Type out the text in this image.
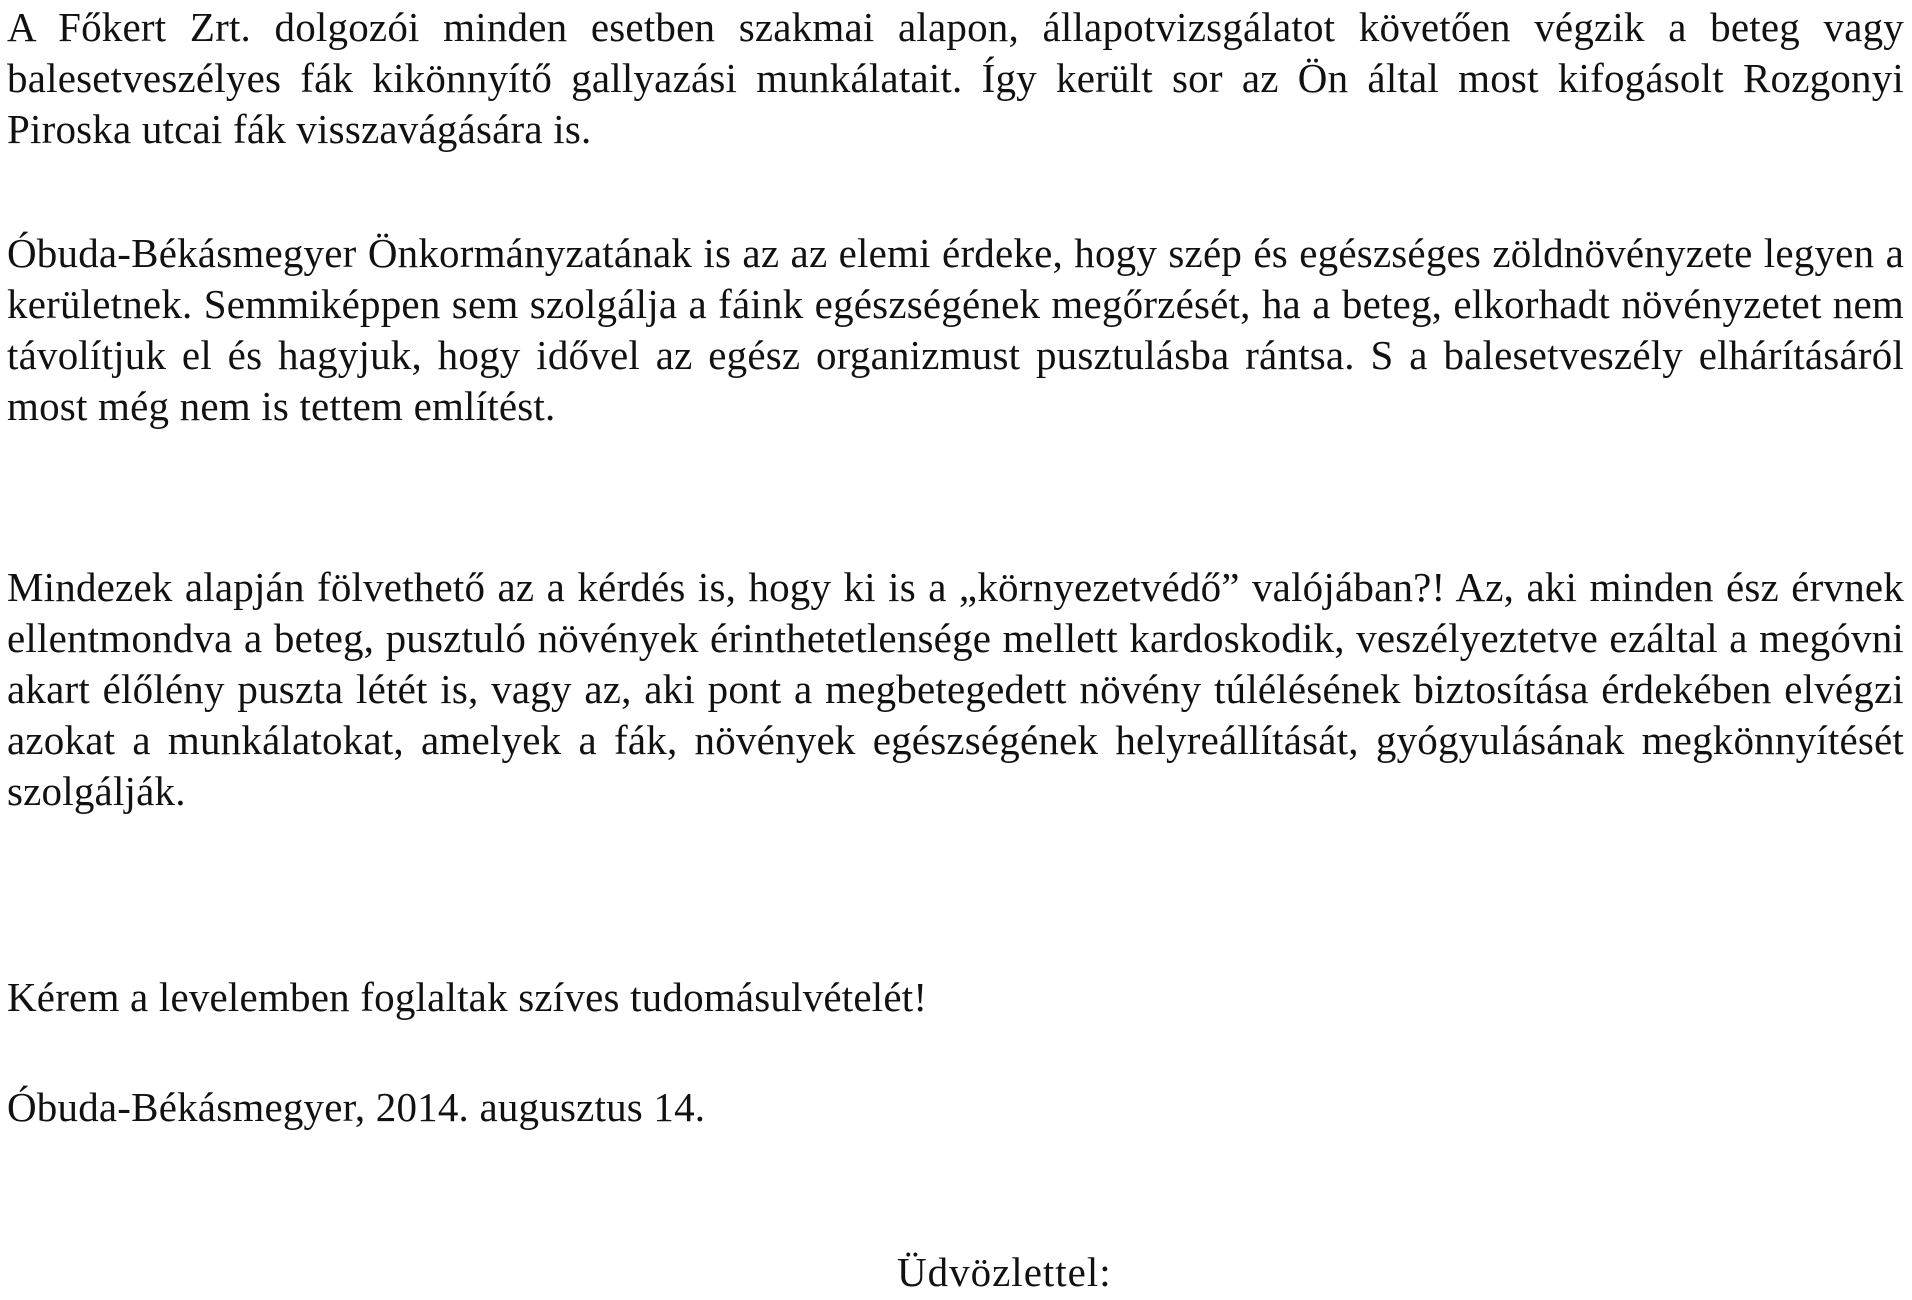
A Főkert Zrt. dolgozói minden esetben szakmai alapon, állapotvizsgálatot követően végzik a beteg vagy balesetveszélyes fák kikönnyítő gallyazási munkálatait. Így került sor az Ön által most kifogásolt Rozgonyi Piroska utcai fák visszavágására is.

Óbuda-Békásmegyer Önkormányzatának is az az elemi érdeke, hogy szép és egészséges zöldnövényzete legyen a kerületnek. Semmiképpen sem szolgálja a fáink egészségének megőrzését, ha a beteg, elkorhadt növényzetet nem távolítjuk el és hagyjuk, hogy idővel az egész organizmust pusztulásba rántsa. S a balesetveszély elhárításáról most még nem is tettem említést.

Mindezek alapján fölvethető az a kérdés is, hogy ki is a „környezetvédő” valójában?! Az, aki minden ész érvnek ellentmondva a beteg, pusztuló növények érinthetetlensége mellett kardoskodik, veszélyeztetve ezáltal a megóvni akart élőlény puszta létét is, vagy az, aki pont a megbetegedett növény túlélésének biztosítása érdekében elvégzi azokat a munkálatokat, amelyek a fák, növények egészségének helyreállítását, gyógyulásának megkönnyítését szolgálják.

Kérem a levelemben foglaltak szíves tudomásulvételét!

Óbuda-Békásmegyer, 2014. augusztus 14.

Üdvözlettel:
